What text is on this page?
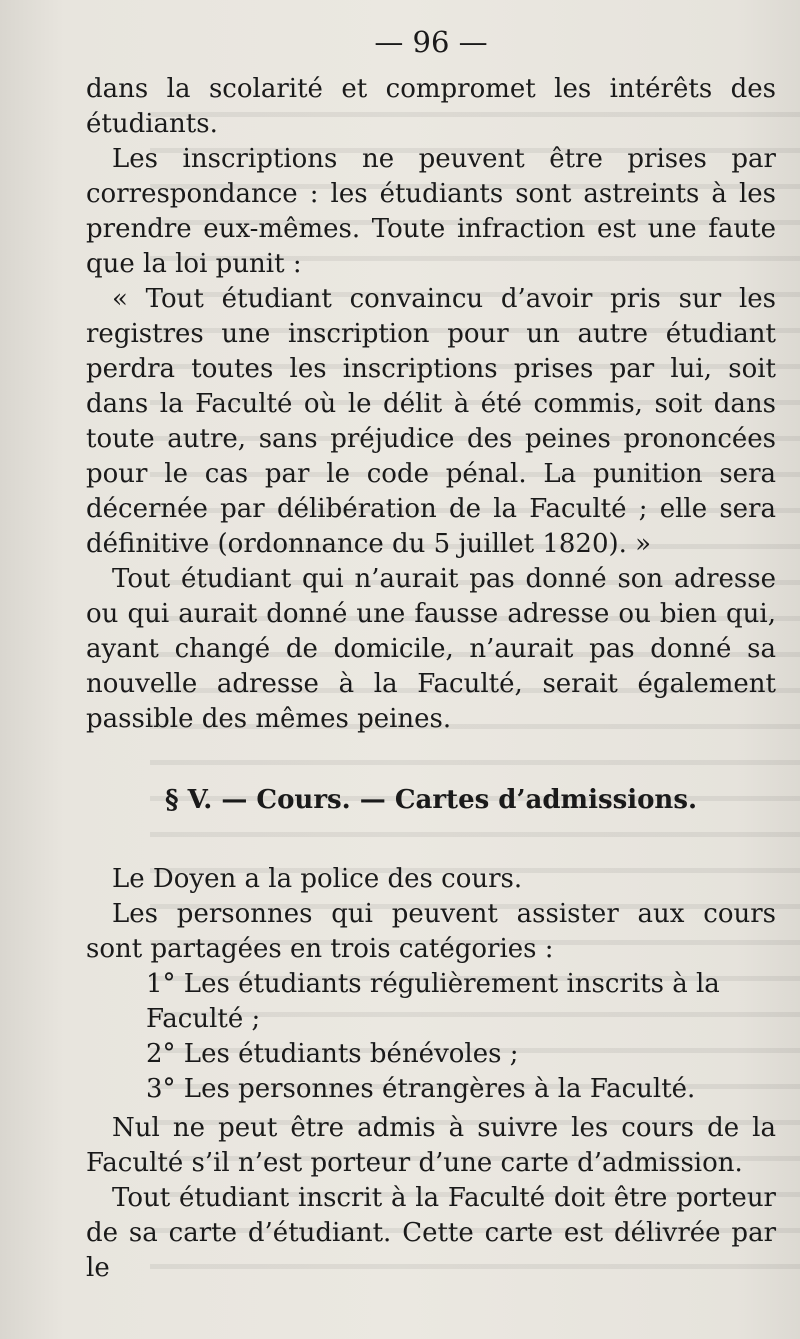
— 96 —

dans la scolarité et compromet les intérêts des étudiants.

Les inscriptions ne peuvent être prises par correspondance : les étudiants sont astreints à les prendre eux-mêmes. Toute infraction est une faute que la loi punit :

« Tout étudiant convaincu d’avoir pris sur les registres une inscription pour un autre étudiant perdra toutes les inscriptions prises par lui, soit dans la Faculté où le délit à été commis, soit dans toute autre, sans préjudice des peines prononcées pour le cas par le code pénal. La punition sera décernée par délibération de la Faculté ; elle sera définitive (ordonnance du 5 juillet 1820). »

Tout étudiant qui n’aurait pas donné son adresse ou qui aurait donné une fausse adresse ou bien qui, ayant changé de domicile, n’aurait pas donné sa nouvelle adresse à la Faculté, serait également passible des mêmes peines.

§ V. — Cours. — Cartes d’admissions.

Le Doyen a la police des cours.

Les personnes qui peuvent assister aux cours sont partagées en trois catégories :

1° Les étudiants régulièrement inscrits à la Faculté ;
2° Les étudiants bénévoles ;
3° Les personnes étrangères à la Faculté.

Nul ne peut être admis à suivre les cours de la Faculté s’il n’est porteur d’une carte d’admission.

Tout étudiant inscrit à la Faculté doit être porteur de sa carte d’étudiant. Cette carte est délivrée par le
